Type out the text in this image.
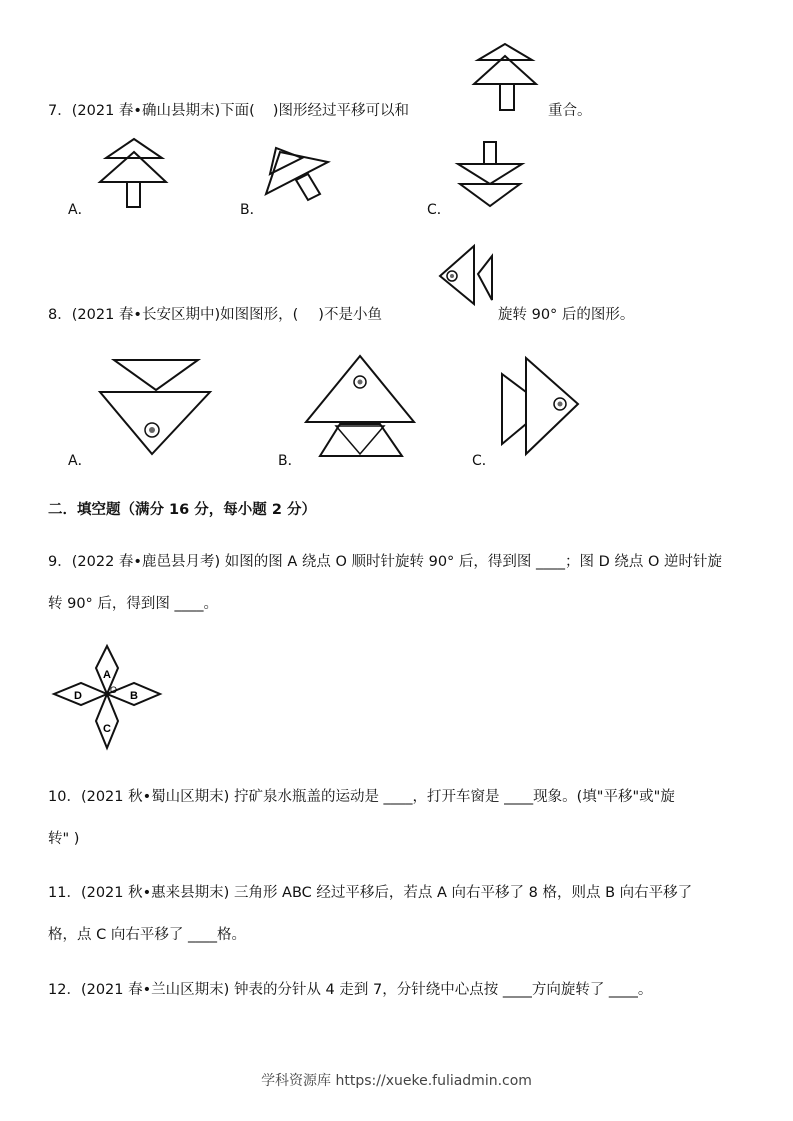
7．(2021 春•确山县期末)下面( )图形经过平移可以和	重合。
A．	B．	C．
8．(2021 春•长安区期中)如图图形，( )不是小鱼	旋转 90° 后的图形。
A．	B．	C．
二．填空题（满分 16 分，每小题 2 分）
9．(2022 春•鹿邑县月考) 如图的图 A 绕点 O 顺时针旋转 90° 后，得到图 ____；图 D 绕点 O 逆时针旋
转 90° 后，得到图 ____。
A
B
C
D	O
10．(2021 秋•蜀山区期末) 拧矿泉水瓶盖的运动是 ____，打开车窗是 ____现象。(填"平移"或"旋
转" )
11．(2021 秋•惠来县期末) 三角形 ABC 经过平移后，若点 A 向右平移了 8 格，则点 B 向右平移了
格，点 C 向右平移了 ____格。
12．(2021 春•兰山区期末) 钟表的分针从 4 走到 7，分针绕中心点按 ____方向旋转了 ____。
学科资源库 https://xueke.fuliadmin.com
